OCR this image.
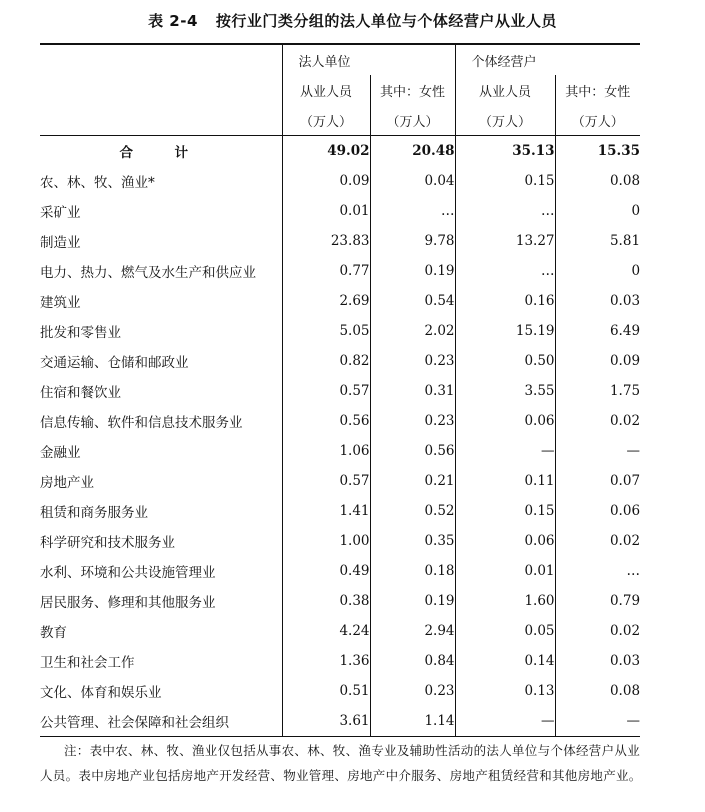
表 2-4 按行业门类分组的法人单位与个体经营户从业人员
	法人单位		个体经营户	
	从业人员	其中：女性	从业人员	其中：女性
	（万人）	（万人）	（万人）	（万人）
合　计	49.02	20.48	35.13	15.35
农、林、牧、渔业*	0.09	0.04	0.15	0.08
采矿业	0.01	…	…	0
制造业	23.83	9.78	13.27	5.81
电力、热力、燃气及水生产和供应业	0.77	0.19	…	0
建筑业	2.69	0.54	0.16	0.03
批发和零售业	5.05	2.02	15.19	6.49
交通运输、仓储和邮政业	0.82	0.23	0.50	0.09
住宿和餐饮业	0.57	0.31	3.55	1.75
信息传输、软件和信息技术服务业	0.56	0.23	0.06	0.02
金融业	1.06	0.56	—	—
房地产业	0.57	0.21	0.11	0.07
租赁和商务服务业	1.41	0.52	0.15	0.06
科学研究和技术服务业	1.00	0.35	0.06	0.02
水利、环境和公共设施管理业	0.49	0.18	0.01	…
居民服务、修理和其他服务业	0.38	0.19	1.60	0.79
教育	4.24	2.94	0.05	0.02
卫生和社会工作	1.36	0.84	0.14	0.03
文化、体育和娱乐业	0.51	0.23	0.13	0.08
公共管理、社会保障和社会组织	3.61	1.14	—	—
注：表中农、林、牧、渔业仅包括从事农、林、牧、渔专业及辅助性活动的法人单位与个体经营户从业人员。表中房地产业包括房地产开发经营、物业管理、房地产中介服务、房地产租赁经营和其他房地产业。
